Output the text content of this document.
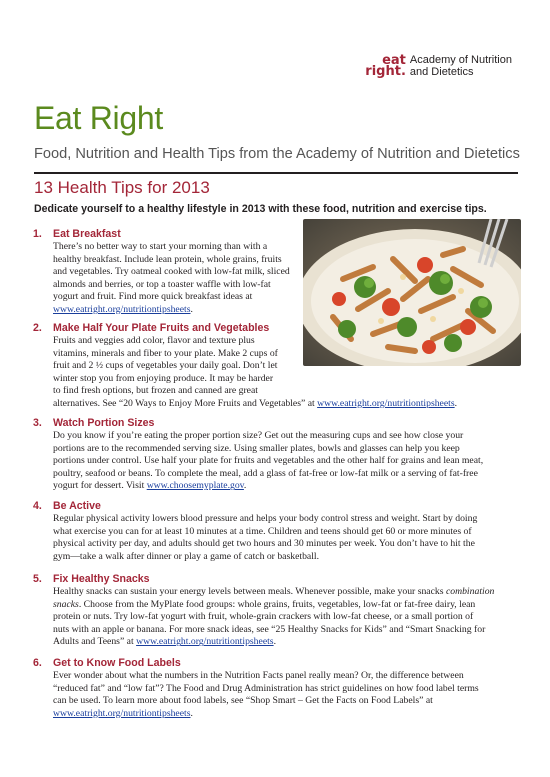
eat
right.
Academy of Nutrition
and Dietetics
Eat Right
Food, Nutrition and Health Tips from the Academy of Nutrition and Dietetics
13 Health Tips for 2013
Dedicate yourself to a healthy lifestyle in 2013 with these food, nutrition and exercise tips.
1. Eat Breakfast
There’s no better way to start your morning than with a
healthy breakfast. Include lean protein, whole grains, fruits
and vegetables. Try oatmeal cooked with low-fat milk, sliced
almonds and berries, or top a toaster waffle with low-fat
yogurt and fruit. Find more quick breakfast ideas at
www.eatright.org/nutritiontipsheets.
2. Make Half Your Plate Fruits and Vegetables
Fruits and veggies add color, flavor and texture plus
vitamins, minerals and fiber to your plate. Make 2 cups of
fruit and 2 ½ cups of vegetables your daily goal. Don’t let
winter stop you from enjoying produce. It may be harder
to find fresh options, but frozen and canned are great
alternatives. See “20 Ways to Enjoy More Fruits and Vegetables” at www.eatright.org/nutritiontipsheets.
3. Watch Portion Sizes
Do you know if you’re eating the proper portion size? Get out the measuring cups and see how close your
portions are to the recommended serving size. Using smaller plates, bowls and glasses can help you keep
portions under control. Use half your plate for fruits and vegetables and the other half for grains and lean meat,
poultry, seafood or beans. To complete the meal, add a glass of fat-free or low-fat milk or a serving of fat-free
yogurt for dessert. Visit www.choosemyplate.gov.
4. Be Active
Regular physical activity lowers blood pressure and helps your body control stress and weight. Start by doing
what exercise you can for at least 10 minutes at a time. Children and teens should get 60 or more minutes of
physical activity per day, and adults should get two hours and 30 minutes per week. You don’t have to hit the
gym—take a walk after dinner or play a game of catch or basketball.
5. Fix Healthy Snacks
Healthy snacks can sustain your energy levels between meals. Whenever possible, make your snacks combination
snacks. Choose from the MyPlate food groups: whole grains, fruits, vegetables, low-fat or fat-free dairy, lean
protein or nuts. Try low-fat yogurt with fruit, whole-grain crackers with low-fat cheese, or a small portion of
nuts with an apple or banana. For more snack ideas, see “25 Healthy Snacks for Kids” and “Smart Snacking for
Adults and Teens” at www.eatright.org/nutritiontipsheets.
6. Get to Know Food Labels
Ever wonder about what the numbers in the Nutrition Facts panel really mean? Or, the difference between
“reduced fat” and “low fat”? The Food and Drug Administration has strict guidelines on how food label terms
can be used. To learn more about food labels, see “Shop Smart – Get the Facts on Food Labels” at
www.eatright.org/nutritiontipsheets.
